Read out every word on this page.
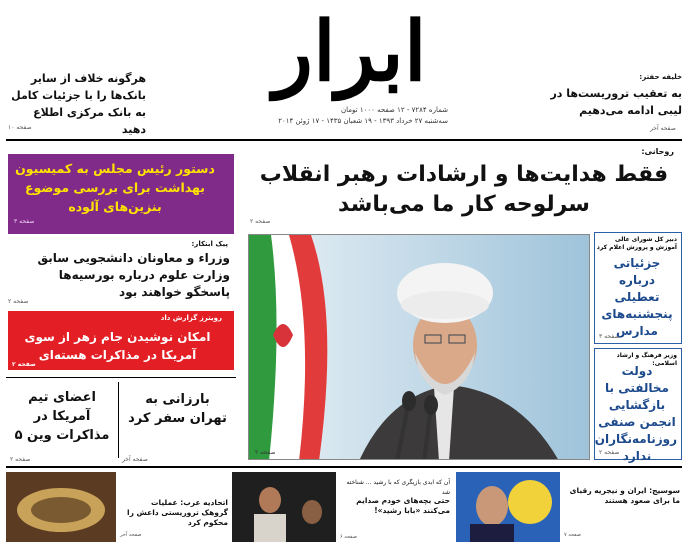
ابرار
شماره ۷۲۸۴ - ۱۲ صفحه ۱۰۰۰ تومان
سه‌شنبه ۲۷ خرداد ۱۳۹۳ - ۱۹ شعبان ۱۴۳۵ - ۱۷ ژوئن ۲۰۱۴
هرگونه خلاف از سایر بانک‌ها را با جزئیات کامل به بانک مرکزی اطلاع دهید
صفحه ۱۰
خلیفه حفتر:
به تعقیب تروریست‌ها در لیبی ادامه می‌دهیم
صفحه آخر
دستور رئیس مجلس به کمیسیون بهداشت برای بررسی موضوع بنزین‌های آلوده
صفحه ۳
پیک ابتکار:
وزراء و معاونان دانشجویی سابق وزارت علوم درباره بورسیه‌ها پاسخگو خواهند بود
صفحه ۲
رویترز گزارش داد
امکان نوشیدن جام زهر از سوی آمریکا در مذاکرات هسته‌ای
صفحه ۲
بارزانی به تهران سفر کرد
صفحه آخر
اعضای تیم آمریکا در مذاکرات وین ۵
صفحه ۲
روحانی:
فقط هدایت‌ها و ارشادات رهبر انقلاب سرلوحه کار ما می‌باشد
صفحه ۲
صفحه ۲
دبیر کل شورای عالی آموزش و پرورش اعلام کرد
جزئیاتی درباره تعطیلی پنجشنبه‌های مدارس
صفحه ۳
وزیر فرهنگ و ارشاد اسلامی:
دولت مخالفتی با بازگشایی انجمن صنفی روزنامه‌نگاران ندارد
صفحه ۲
اتحادیه عرب: عملیات گروهک تروریستی داعش را محکوم کرد
صفحه آخر
آن که ابدی بازیگری که با رشید ... شناخته شد
حتی بچه‌های خودم صدایم می‌کنند «بابا رشید»!
صفحه ۶
سوسیج: ایران و نیجریه رقبای ما برای صعود هستند
صفحه ۷
